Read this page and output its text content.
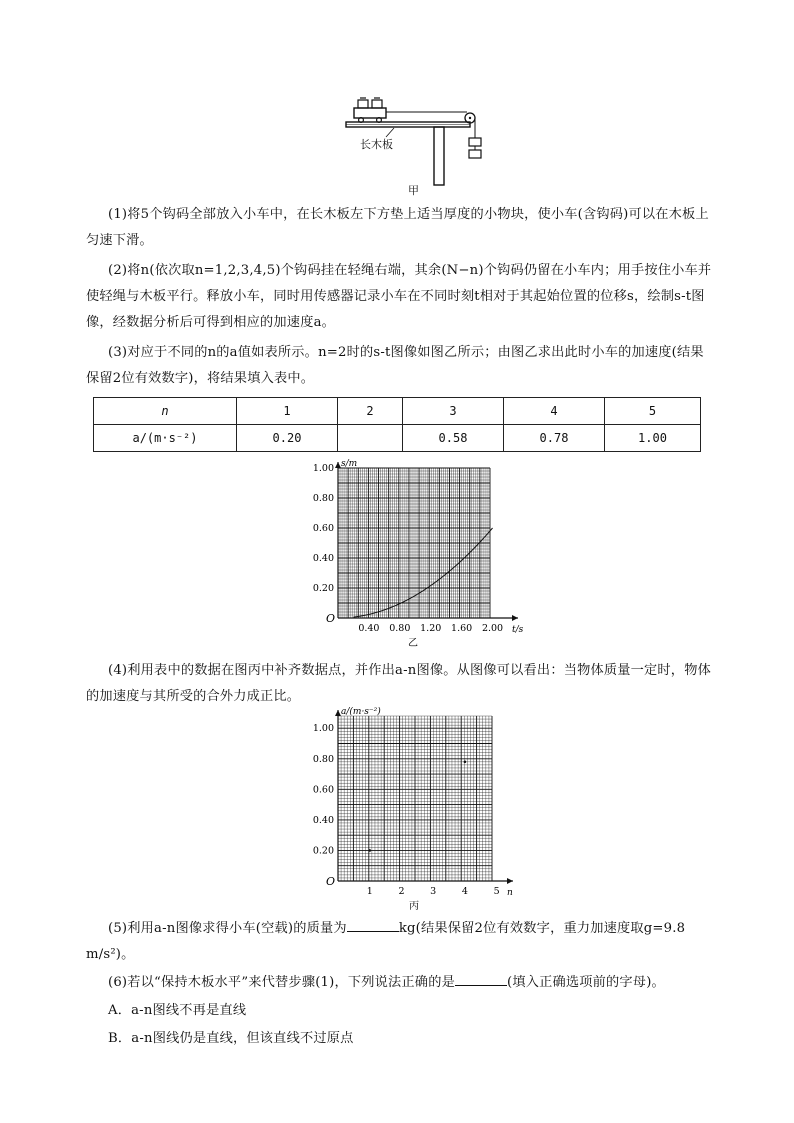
长木板
甲
(1)将5个钩码全部放入小车中，在长木板左下方垫上适当厚度的小物块，使小车(含钩码)可以在木板上匀速下滑。
(2)将n(依次取n=1,2,3,4,5)个钩码挂在轻绳右端，其余(N−n)个钩码仍留在小车内；用手按住小车并使轻绳与木板平行。释放小车，同时用传感器记录小车在不同时刻t相对于其起始位置的位移s，绘制s-t图像，经数据分析后可得到相应的加速度a。
(3)对应于不同的n的a值如表所示。n=2时的s-t图像如图乙所示；由图乙求出此时小车的加速度(结果保留2位有效数字)，将结果填入表中。
n	1	2	3	4	5
a/(m·s⁻²)	0.20		0.58	0.78	1.00
O
t/s
s/m
乙
0.40 0.80 1.20 1.60 2.00
0.20
0.40
0.60
0.80
1.00
(4)利用表中的数据在图丙中补齐数据点，并作出a-n图像。从图像可以看出：当物体质量一定时，物体的加速度与其所受的合外力成正比。
O
n
a/(m·s⁻²)
丙
1	2	3	4	5
0.20
0.40
0.60
0.80
1.00
(5)利用a-n图像求得小车(空载)的质量为	kg(结果保留2位有效数字，重力加速度取g=9.8 m/s²)。
(6)若以“保持木板水平”来代替步骤(1)，下列说法正确的是	(填入正确选项前的字母)。
A．a-n图线不再是直线
B．a-n图线仍是直线，但该直线不过原点
